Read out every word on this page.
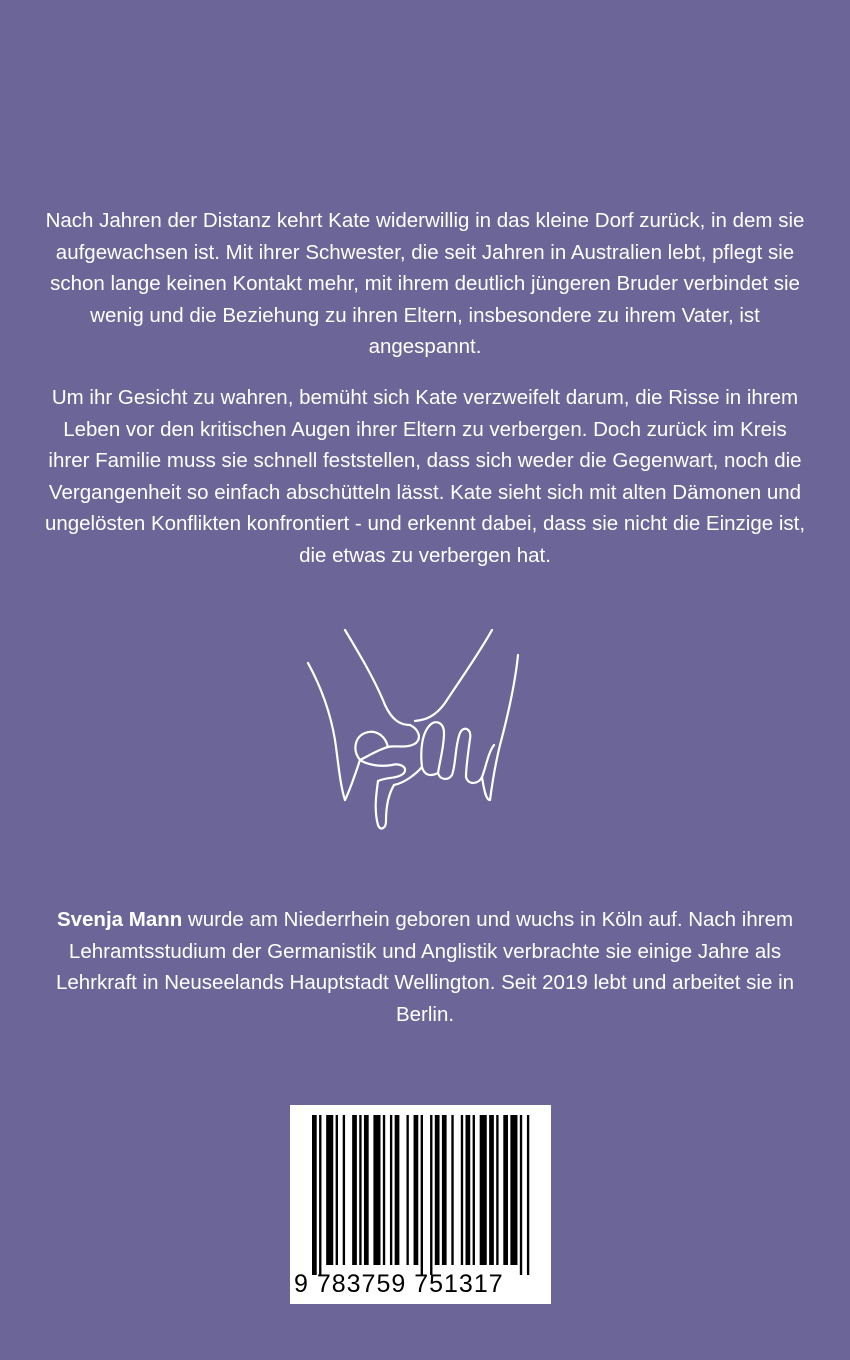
Nach Jahren der Distanz kehrt Kate widerwillig in das kleine Dorf zurück, in dem sie aufgewachsen ist. Mit ihrer Schwester, die seit Jahren in Australien lebt, pflegt sie schon lange keinen Kontakt mehr, mit ihrem deutlich jüngeren Bruder verbindet sie wenig und die Beziehung zu ihren Eltern, insbesondere zu ihrem Vater, ist angespannt.

Um ihr Gesicht zu wahren, bemüht sich Kate verzweifelt darum, die Risse in ihrem Leben vor den kritischen Augen ihrer Eltern zu verbergen. Doch zurück im Kreis ihrer Familie muss sie schnell feststellen, dass sich weder die Gegenwart, noch die Vergangenheit so einfach abschütteln lässt. Kate sieht sich mit alten Dämonen und ungelösten Konflikten konfrontiert - und erkennt dabei, dass sie nicht die Einzige ist, die etwas zu verbergen hat.

Svenja Mann wurde am Niederrhein geboren und wuchs in Köln auf. Nach ihrem Lehramtsstudium der Germanistik und Anglistik verbrachte sie einige Jahre als Lehrkraft in Neuseelands Hauptstadt Wellington. Seit 2019 lebt und arbeitet sie in Berlin.

9 783759 751317
